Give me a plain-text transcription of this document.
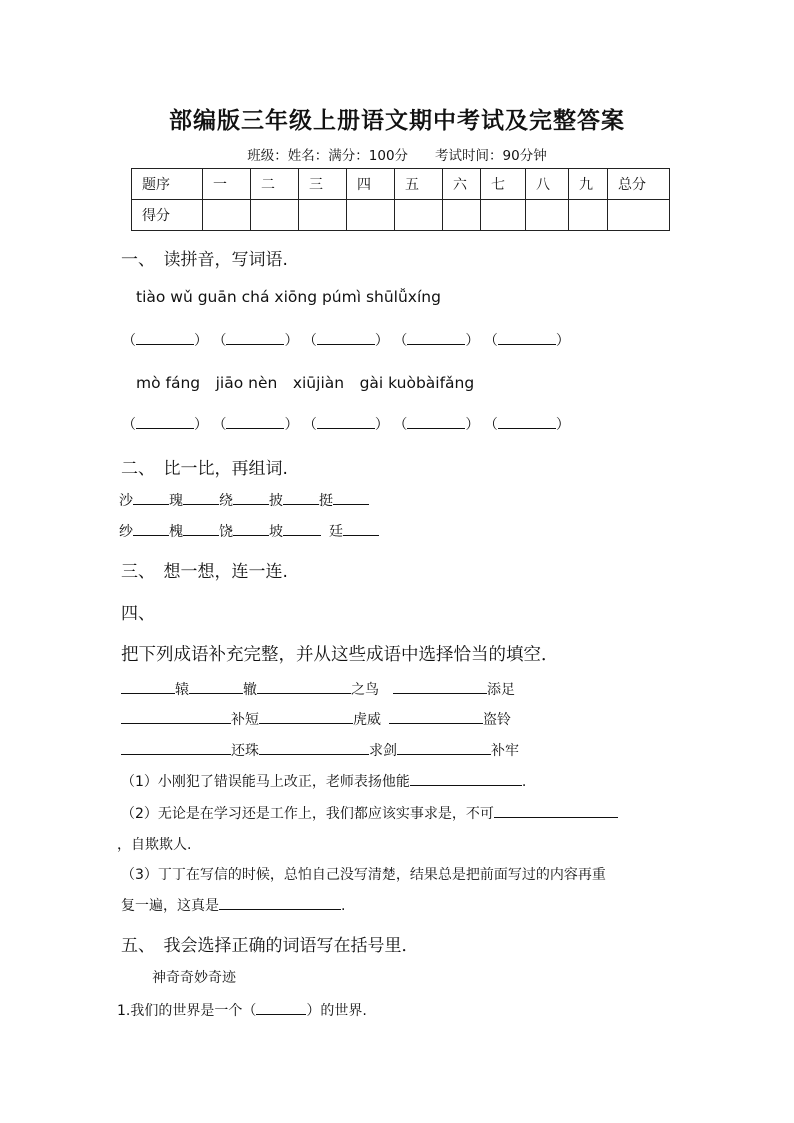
部编版三年级上册语文期中考试及完整答案
班级：姓名：满分：100分　　考试时间：90分钟
题序	一	二	三	四	五	六	七	八	九	总分
得分										
一、　读拼音，写词语.
tiào wǔ guān chá xiōng púmì shūlǚxíng
（	） （	） （	） （	） （	）
mò fáng　jiāo nèn　xiūjiàn　gài kuòbàifǎng
（	） （	） （	） （	） （	）
二、　比一比，再组词.
沙	瑰	绕	披	挺
纱	槐	饶	坡	廷
三、　想一想，连一连.
四、
把下列成语补充完整，并从这些成语中选择恰当的填空．
辕	辙	之鸟	添足
补短	虎威	盗铃
还珠	求剑	补牢
（1）小刚犯了错误能马上改正，老师表扬他能	.
（2）无论是在学习还是工作上，我们都应该实事求是，不可
，自欺欺人.
（3）丁丁在写信的时候，总怕自己没写清楚，结果总是把前面写过的内容再重
复一遍，这真是	.
五、　我会选择正确的词语写在括号里．
神奇奇妙奇迹
1.我们的世界是一个（	）的世界.
